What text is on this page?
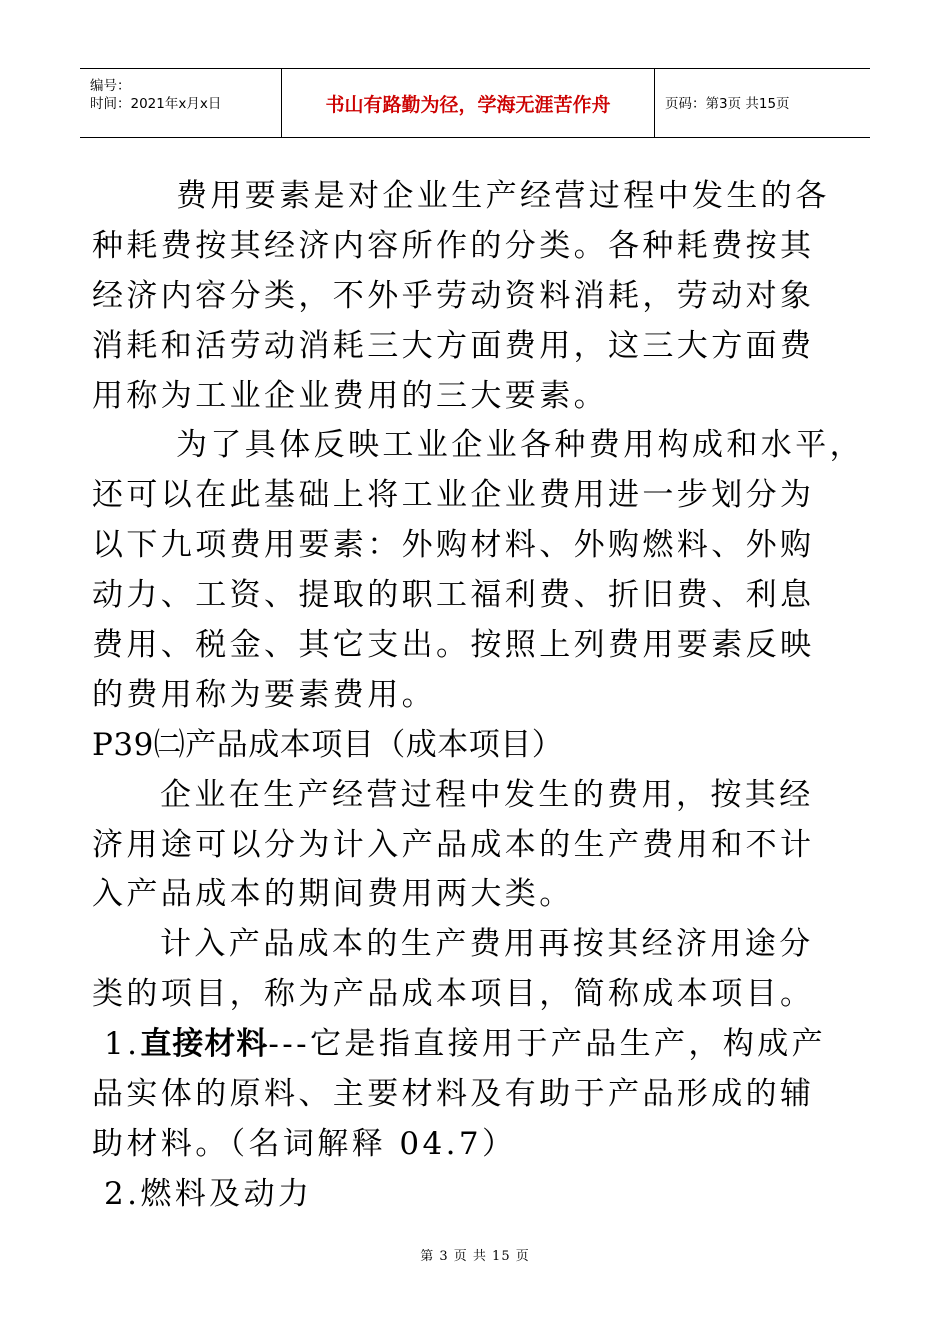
编号：
时间：2021年x月x日	书山有路勤为径，学海无涯苦作舟	页码：第3页 共15页
费用要素是对企业生产经营过程中发生的各
种耗费按其经济内容所作的分类。各种耗费按其
经济内容分类，不外乎劳动资料消耗，劳动对象
消耗和活劳动消耗三大方面费用，这三大方面费
用称为工业企业费用的三大要素。
为了具体反映工业企业各种费用构成和水平，
还可以在此基础上将工业企业费用进一步划分为
以下九项费用要素：外购材料、外购燃料、外购
动力、工资、提取的职工福利费、折旧费、利息
费用、税金、其它支出。按照上列费用要素反映
的费用称为要素费用。
P39㈡产品成本项目（成本项目）
企业在生产经营过程中发生的费用，按其经
济用途可以分为计入产品成本的生产费用和不计
入产品成本的期间费用两大类。
计入产品成本的生产费用再按其经济用途分
类的项目，称为产品成本项目，简称成本项目。
1.直接材料---它是指直接用于产品生产，构成产
品实体的原料、主要材料及有助于产品形成的辅
助材料。（名词解释 04.7）
2.燃料及动力
第 3 页 共 15 页
